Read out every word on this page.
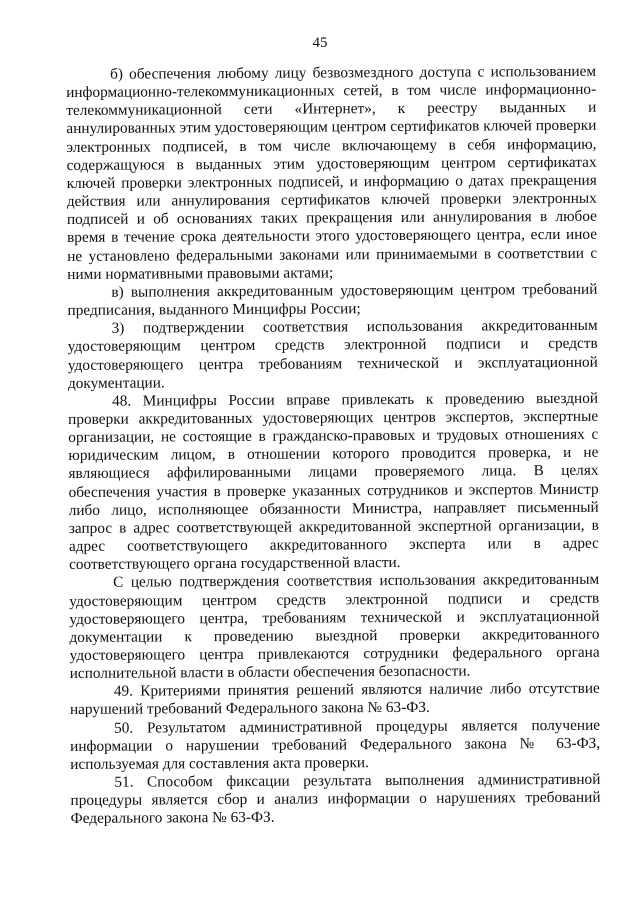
45

б) обеспечения любому лицу безвозмездного доступа с использованием информационно-телекоммуникационных сетей, в том числе информационно-телекоммуникационной сети «Интернет», к реестру выданных и аннулированных этим удостоверяющим центром сертификатов ключей проверки электронных подписей, в том числе включающему в себя информацию, содержащуюся в выданных этим удостоверяющим центром сертификатах ключей проверки электронных подписей, и информацию о датах прекращения действия или аннулирования сертификатов ключей проверки электронных подписей и об основаниях таких прекращения или аннулирования в любое время в течение срока деятельности этого удостоверяющего центра, если иное не установлено федеральными законами или принимаемыми в соответствии с ними нормативными правовыми актами;

в) выполнения аккредитованным удостоверяющим центром требований предписания, выданного Минцифры России;

3) подтверждении соответствия использования аккредитованным удостоверяющим центром средств электронной подписи и средств удостоверяющего центра требованиям технической и эксплуатационной документации.

48. Минцифры России вправе привлекать к проведению выездной проверки аккредитованных удостоверяющих центров экспертов, экспертные организации, не состоящие в гражданско-правовых и трудовых отношениях с юридическим лицом, в отношении которого проводится проверка, и не являющиеся аффилированными лицами проверяемого лица. В целях обеспечения участия в проверке указанных сотрудников и экспертов Министр либо лицо, исполняющее обязанности Министра, направляет письменный запрос в адрес соответствующей аккредитованной экспертной организации, в адрес соответствующего аккредитованного эксперта или в адрес соответствующего органа государственной власти.

С целью подтверждения соответствия использования аккредитованным удостоверяющим центром средств электронной подписи и средств удостоверяющего центра, требованиям технической и эксплуатационной документации к проведению выездной проверки аккредитованного удостоверяющего центра привлекаются сотрудники федерального органа исполнительной власти в области обеспечения безопасности.

49. Критериями принятия решений являются наличие либо отсутствие нарушений требований Федерального закона № 63-ФЗ.

50. Результатом административной процедуры является получение информации о нарушении требований Федерального закона № 63-ФЗ, используемая для составления акта проверки.

51. Способом фиксации результата выполнения административной процедуры является сбор и анализ информации о нарушениях требований Федерального закона № 63-ФЗ.
